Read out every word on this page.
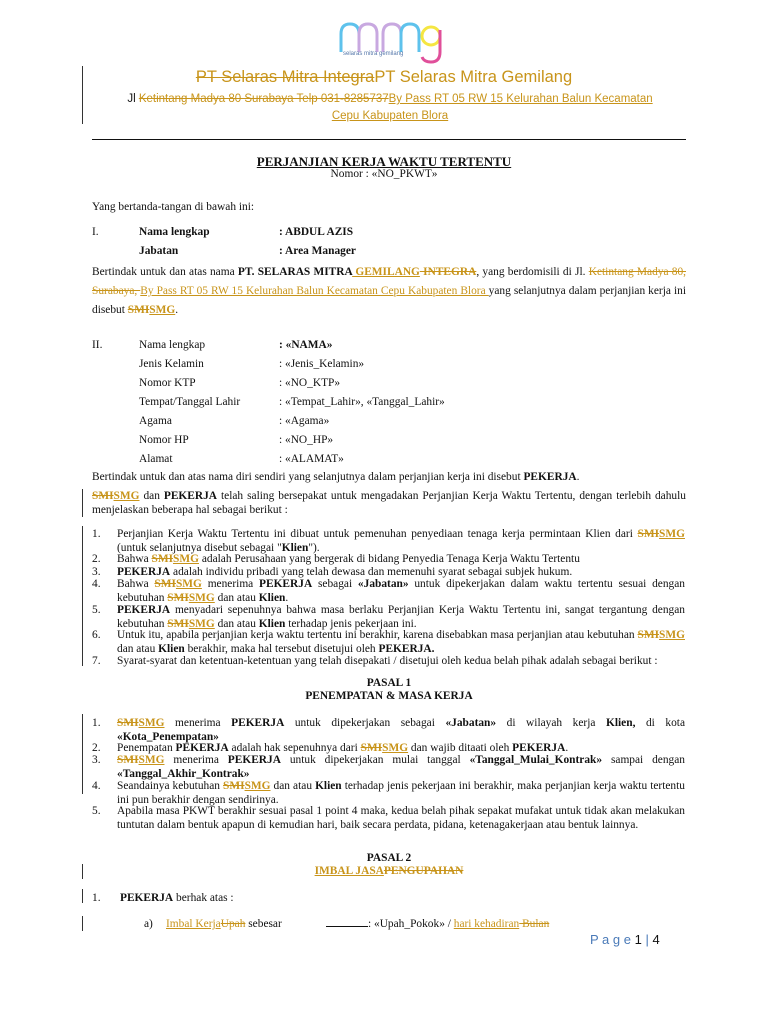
selaras mitra gemilang
PT Selaras Mitra IntegraPT Selaras Mitra Gemilang
Jl Ketintang Madya 80 Surabaya Telp 031-8285737By Pass RT 05 RW 15 Kelurahan Balun Kecamatan
Cepu Kabupaten Blora
PERJANJIAN KERJA WAKTU TERTENTU
Nomor : «NO_PKWT»
Yang bertanda-tangan di bawah ini:
I.	Nama lengkap	: ABDUL AZIS
Jabatan	: Area Manager
Bertindak untuk dan atas nama PT. SELARAS MITRA GEMILANG INTEGRA, yang berdomisili di Jl. Ketintang Madya 80, Surabaya, By Pass RT 05 RW 15 Kelurahan Balun Kecamatan Cepu Kabupaten Blora yang selanjutnya dalam perjanjian kerja ini disebut SMISMG.
II.	Nama lengkap	: «NAMA»
Jenis Kelamin	: «Jenis_Kelamin»
Nomor KTP	: «NO_KTP»
Tempat/Tanggal Lahir	: «Tempat_Lahir», «Tanggal_Lahir»
Agama	: «Agama»
Nomor HP	: «NO_HP»
Alamat	: «ALAMAT»
Bertindak untuk dan atas nama diri sendiri yang selanjutnya dalam perjanjian kerja ini disebut PEKERJA.
SMISMG dan PEKERJA telah saling bersepakat untuk mengadakan Perjanjian Kerja Waktu Tertentu, dengan terlebih dahulu menjelaskan beberapa hal sebagai berikut :
1. Perjanjian Kerja Waktu Tertentu ini dibuat untuk pemenuhan penyediaan tenaga kerja permintaan Klien dari SMISMG (untuk selanjutnya disebut sebagai "Klien").
2. Bahwa SMISMG adalah Perusahaan yang bergerak di bidang Penyedia Tenaga Kerja Waktu Tertentu
3. PEKERJA adalah individu pribadi yang telah dewasa dan memenuhi syarat sebagai subjek hukum.
4. Bahwa SMISMG menerima PEKERJA sebagai «Jabatan» untuk dipekerjakan dalam waktu tertentu sesuai dengan kebutuhan SMISMG dan atau Klien.
5. PEKERJA menyadari sepenuhnya bahwa masa berlaku Perjanjian Kerja Waktu Tertentu ini, sangat tergantung dengan kebutuhan SMISMG dan atau Klien terhadap jenis pekerjaan ini.
6. Untuk itu, apabila perjanjian kerja waktu tertentu ini berakhir, karena disebabkan masa perjanjian atau kebutuhan SMISMG dan atau Klien berakhir, maka hal tersebut disetujui oleh PEKERJA.
7. Syarat-syarat dan ketentuan-ketentuan yang telah disepakati / disetujui oleh kedua belah pihak adalah sebagai berikut :
PASAL 1
PENEMPATAN & MASA KERJA
1. SMISMG menerima PEKERJA untuk dipekerjakan sebagai «Jabatan» di wilayah kerja Klien, di kota «Kota_Penempatan»
2. Penempatan PEKERJA adalah hak sepenuhnya dari SMISMG dan wajib ditaati oleh PEKERJA.
3. SMISMG menerima PEKERJA untuk dipekerjakan mulai tanggal «Tanggal_Mulai_Kontrak» sampai dengan «Tanggal_Akhir_Kontrak»
4. Seandainya kebutuhan SMISMG dan atau Klien terhadap jenis pekerjaan ini berakhir, maka perjanjian kerja waktu tertentu ini pun berakhir dengan sendirinya.
5. Apabila masa PKWT berakhir sesuai pasal 1 point 4 maka, kedua belah pihak sepakat mufakat untuk tidak akan melakukan tuntutan dalam bentuk apapun di kemudian hari, baik secara perdata, pidana, ketenagakerjaan atau bentuk lainnya.
PASAL 2
IMBAL JASAPENGUPAHAN
1. PEKERJA berhak atas :
a) Imbal KerjaUpah sebesar	: «Upah_Pokok» / hari kehadiran Bulan
P a g e 1 | 4
